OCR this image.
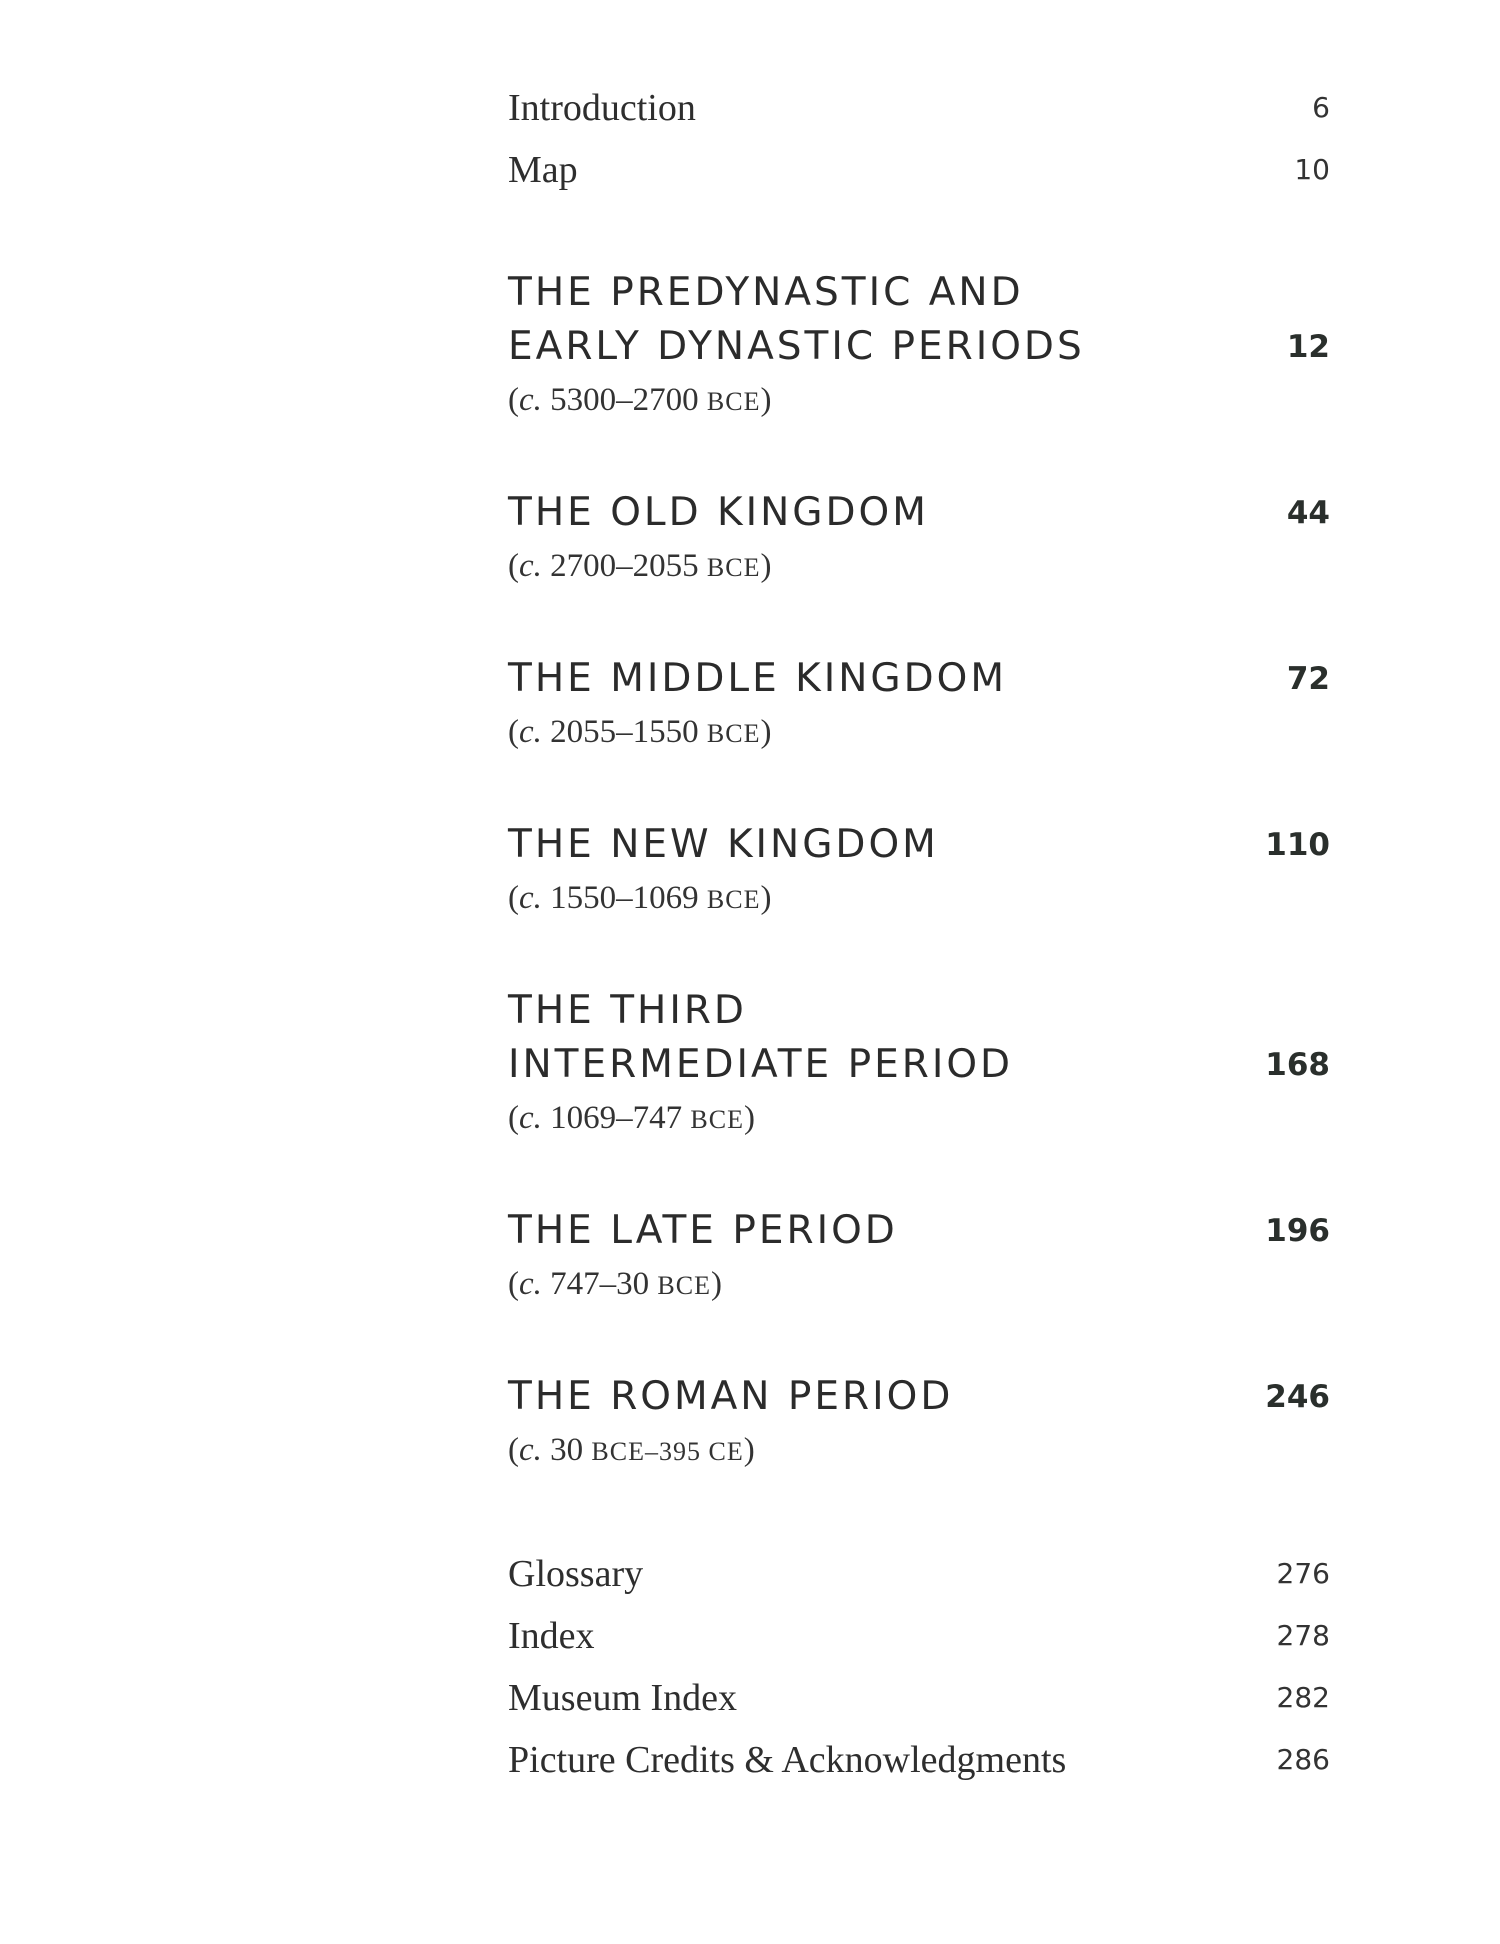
Introduction	6
Map	10
THE PREDYNASTIC AND
EARLY DYNASTIC PERIODS	12
(c. 5300–2700 BCE)
THE OLD KINGDOM	44
(c. 2700–2055 BCE)
THE MIDDLE KINGDOM	72
(c. 2055–1550 BCE)
THE NEW KINGDOM	110
(c. 1550–1069 BCE)
THE THIRD
INTERMEDIATE PERIOD	168
(c. 1069–747 BCE)
THE LATE PERIOD	196
(c. 747–30 BCE)
THE ROMAN PERIOD	246
(c. 30 BCE–395 CE)
Glossary	276
Index	278
Museum Index	282
Picture Credits & Acknowledgments	286
